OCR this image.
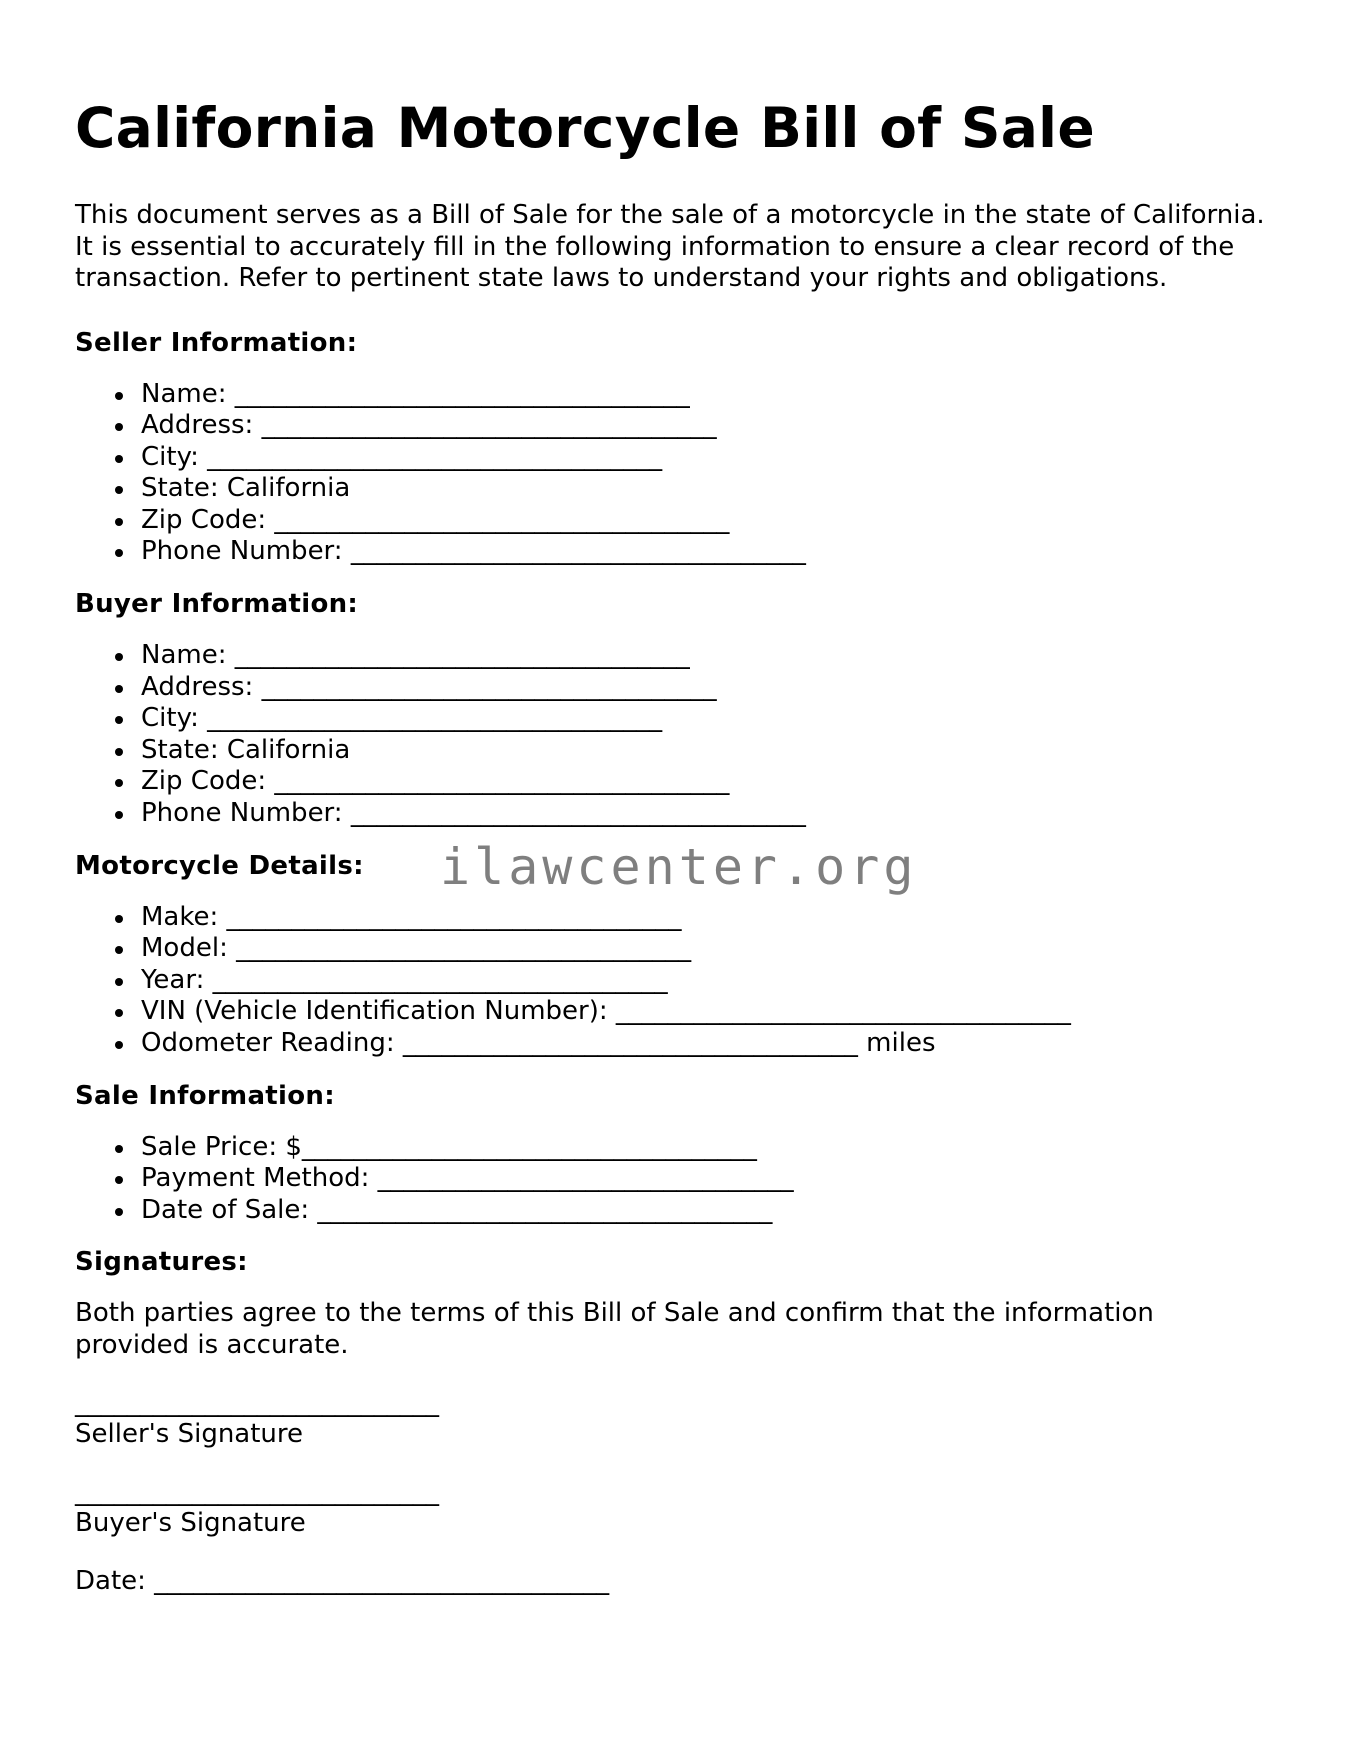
California Motorcycle Bill of Sale

This document serves as a Bill of Sale for the sale of a motorcycle in the state of California. It is essential to accurately fill in the following information to ensure a clear record of the transaction. Refer to pertinent state laws to understand your rights and obligations.

Seller Information:
Name: ___________________________________
Address: ___________________________________
City: ___________________________________
State: California
Zip Code: ___________________________________
Phone Number: ___________________________________
Buyer Information:
Name: ___________________________________
Address: ___________________________________
City: ___________________________________
State: California
Zip Code: ___________________________________
Phone Number: ___________________________________
Motorcycle Details:
Make: ___________________________________
Model: ___________________________________
Year: ___________________________________
VIN (Vehicle Identification Number): ___________________________________
Odometer Reading: ___________________________________ miles
Sale Information:
Sale Price: $___________________________________
Payment Method: ________________________________
Date of Sale: ___________________________________
Signatures:

Both parties agree to the terms of this Bill of Sale and confirm that the information provided is accurate.

____________________________
Seller's Signature
____________________________
Buyer's Signature
Date: ___________________________________
ilawcenter.org
